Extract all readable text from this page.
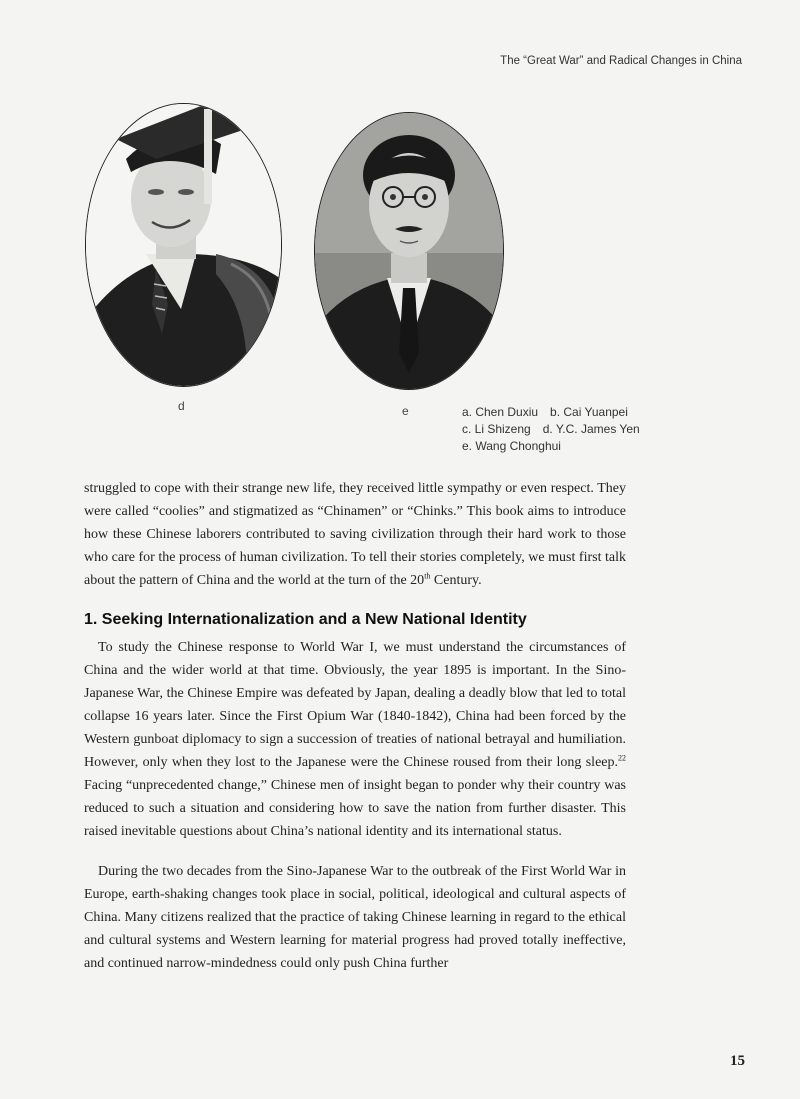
The “Great War” and Radical Changes in China
d	e	a. Chen Duxiu b. Cai Yuanpei
c. Li Shizeng d. Y.C. James Yen
e. Wang Chonghui

struggled to cope with their strange new life, they received little sympathy or even respect. They were called “coolies” and stigmatized as “Chinamen” or “Chinks.” This book aims to introduce how these Chinese laborers contributed to saving civilization through their hard work to those who care for the process of human civilization. To tell their stories completely, we must first talk about the pattern of China and the world at the turn of the 20th Century.

1. Seeking Internationalization and a New National Identity

To study the Chinese response to World War I, we must understand the circumstances of China and the wider world at that time. Obviously, the year 1895 is important. In the Sino-Japanese War, the Chinese Empire was defeated by Japan, dealing a deadly blow that led to total collapse 16 years later. Since the First Opium War (1840-1842), China had been forced by the Western gunboat diplomacy to sign a succession of treaties of national betrayal and humiliation. However, only when they lost to the Japanese were the Chinese roused from their long sleep.$^{22}$ Facing “unprecedented change,” Chinese men of insight began to ponder why their country was reduced to such a situation and considering how to save the nation from further disaster. This raised inevitable questions about China’s national identity and its international status.

During the two decades from the Sino-Japanese War to the outbreak of the First World War in Europe, earth-shaking changes took place in social, political, ideological and cultural aspects of China. Many citizens realized that the practice of taking Chinese learning in regard to the ethical and cultural systems and Western learning for material progress had proved totally ineffective, and continued narrow-mindedness could only push China further

15
